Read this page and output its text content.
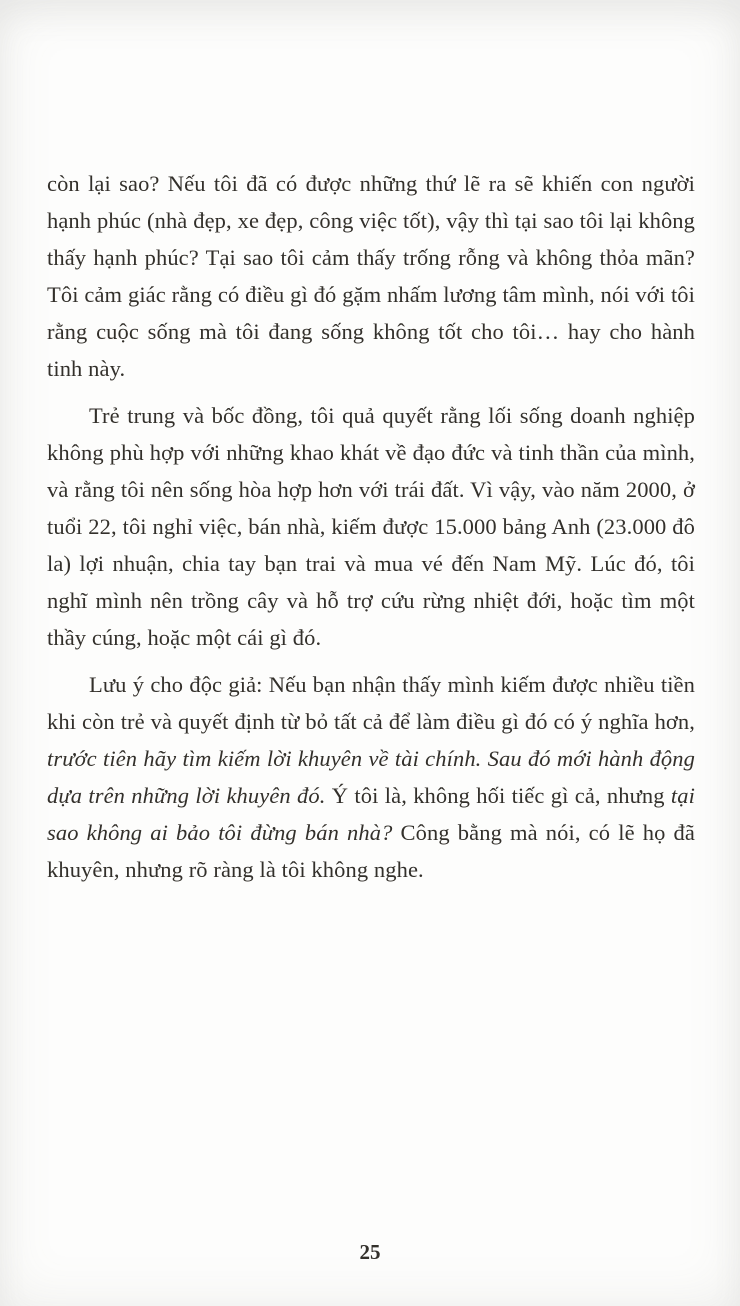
còn lại sao? Nếu tôi đã có được những thứ lẽ ra sẽ khiến con người hạnh phúc (nhà đẹp, xe đẹp, công việc tốt), vậy thì tại sao tôi lại không thấy hạnh phúc? Tại sao tôi cảm thấy trống rỗng và không thỏa mãn? Tôi cảm giác rằng có điều gì đó gặm nhấm lương tâm mình, nói với tôi rằng cuộc sống mà tôi đang sống không tốt cho tôi… hay cho hành tinh này.

Trẻ trung và bốc đồng, tôi quả quyết rằng lối sống doanh nghiệp không phù hợp với những khao khát về đạo đức và tinh thần của mình, và rằng tôi nên sống hòa hợp hơn với trái đất. Vì vậy, vào năm 2000, ở tuổi 22, tôi nghỉ việc, bán nhà, kiếm được 15.000 bảng Anh (23.000 đô la) lợi nhuận, chia tay bạn trai và mua vé đến Nam Mỹ. Lúc đó, tôi nghĩ mình nên trồng cây và hỗ trợ cứu rừng nhiệt đới, hoặc tìm một thầy cúng, hoặc một cái gì đó.

Lưu ý cho độc giả: Nếu bạn nhận thấy mình kiếm được nhiều tiền khi còn trẻ và quyết định từ bỏ tất cả để làm điều gì đó có ý nghĩa hơn, trước tiên hãy tìm kiếm lời khuyên về tài chính. Sau đó mới hành động dựa trên những lời khuyên đó. Ý tôi là, không hối tiếc gì cả, nhưng tại sao không ai bảo tôi đừng bán nhà? Công bằng mà nói, có lẽ họ đã khuyên, nhưng rõ ràng là tôi không nghe.

25
